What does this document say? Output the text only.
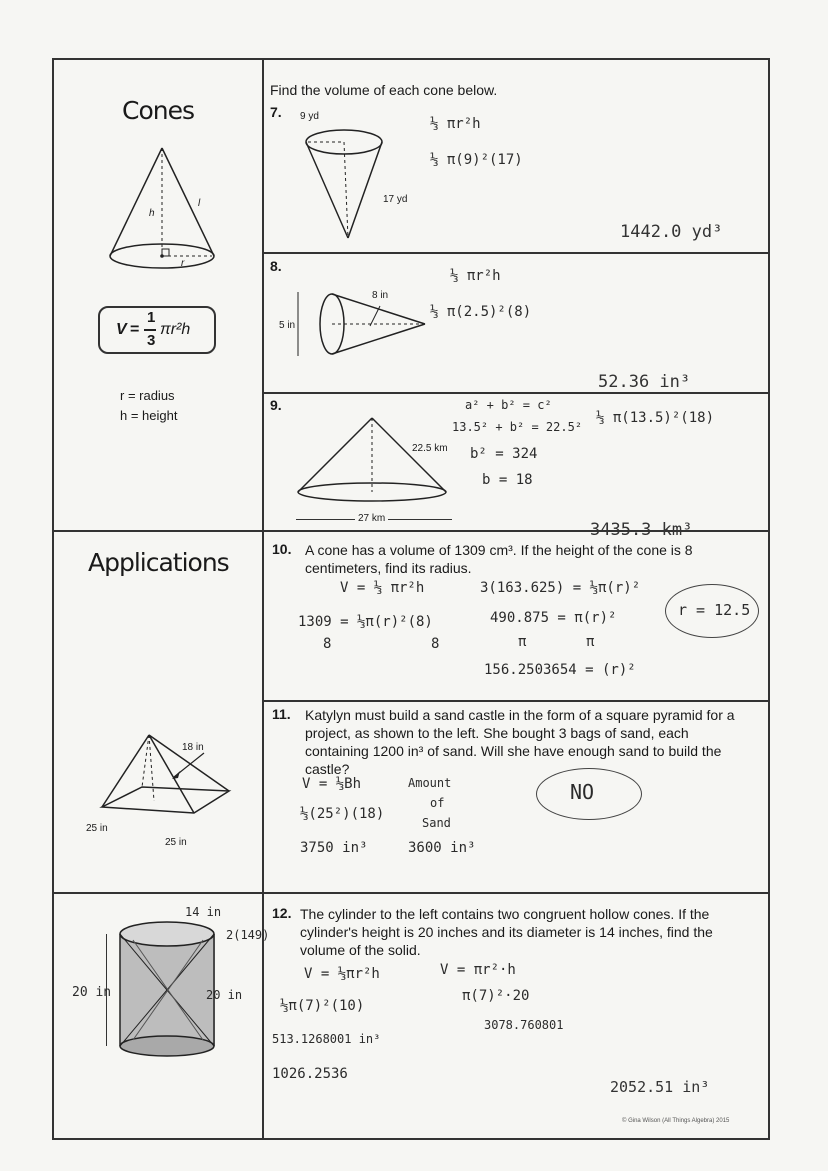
Cones
h
l
r
V =
1
3
πr²h
r = radius
h = height
Applications
18 in
25 in
25 in
20 in
14 in
20 in
2(149)
Find the volume of each cone below.
7. 9 yd
17 yd
⅓ πr²h
⅓ π(9)²(17)
1442.0 yd³
8.
8 in
5 in
⅓ πr²h
⅓ π(2.5)²(8)
52.36 in³
9.
22.5 km
27 km
a² + b² = c²
13.5² + b² = 22.5²
b² = 324
b = 18
⅓ π(13.5)²(18)
3435.3 km³
10. A cone has a volume of 1309 cm³. If the height of the cone is 8 centimeters, find its radius.
V = ⅓ πr²h
1309 = ⅓π(r)²(8)
8	8
3(163.625) = ⅓π(r)²
490.875 = π(r)²
π	π
156.2503654 = (r)²
r = 12.5
11. Katylyn must build a sand castle in the form of a square pyramid for a project, as shown to the left. She bought 3 bags of sand, each containing 1200 in³ of sand. Will she have enough sand to build the castle?
V = ⅓Bh
⅓(25²)(18)
3750 in³
Amount
of
Sand
3600 in³
NO
12. The cylinder to the left contains two congruent hollow cones. If the cylinder's height is 20 inches and its diameter is 14 inches, find the volume of the solid.
V = ⅓πr²h
⅓π(7)²(10)
513.1268001 in³
1026.2536
V = πr²·h
π(7)²·20
3078.760801
2052.51 in³
© Gina Wilson (All Things Algebra) 2015
